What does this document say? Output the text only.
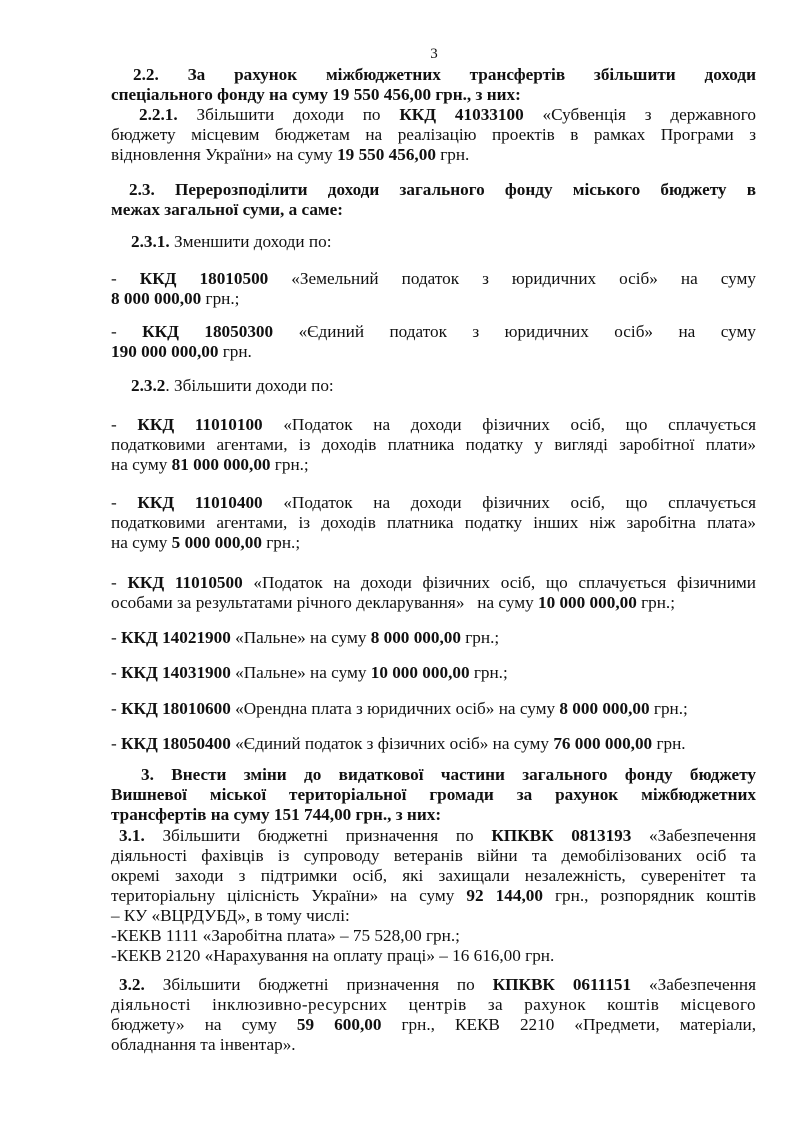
3
2.2. За рахунок міжбюджетних трансфертів збільшити доходи
спеціального фонду на суму 19 550 456,00 грн., з них:
2.2.1. Збільшити доходи по ККД 41033100 «Субвенція з державного
бюджету місцевим бюджетам на реалізацію проектів в рамках Програми з
відновлення України» на суму 19 550 456,00 грн.
2.3. Перерозподілити доходи загального фонду міського бюджету в
межах загальної суми, а саме:
2.3.1. Зменшити доходи по:
- ККД 18010500 «Земельний податок з юридичних осіб» на суму
8 000 000,00 грн.;
- ККД 18050300 «Єдиний податок з юридичних осіб» на суму
190 000 000,00 грн.
2.3.2. Збільшити доходи по:
- ККД 11010100 «Податок на доходи фізичних осіб, що сплачується
податковими агентами, із доходів платника податку у вигляді заробітної плати»
на суму 81 000 000,00 грн.;
- ККД 11010400 «Податок на доходи фізичних осіб, що сплачується
податковими агентами, із доходів платника податку інших ніж заробітна плата»
на суму 5 000 000,00 грн.;
- ККД 11010500 «Податок на доходи фізичних осіб, що сплачується фізичними
особами за результатами річного декларування»   на суму 10 000 000,00 грн.;
- ККД 14021900 «Пальне» на суму 8 000 000,00 грн.;
- ККД 14031900 «Пальне» на суму 10 000 000,00 грн.;
- ККД 18010600 «Орендна плата з юридичних осіб» на суму 8 000 000,00 грн.;
- ККД 18050400 «Єдиний податок з фізичних осіб» на суму 76 000 000,00 грн.
3. Внести зміни до видаткової частини загального фонду бюджету
Вишневої міської територіальної громади за рахунок міжбюджетних
трансфертів на суму 151 744,00 грн., з них:
3.1. Збільшити бюджетні призначення по КПКВК 0813193 «Забезпечення
діяльності фахівців із супроводу ветеранів війни та демобілізованих осіб та
окремі заходи з підтримки осіб, які захищали незалежність, суверенітет та
територіальну цілісність України» на суму 92 144,00 грн., розпорядник коштів
– КУ «ВЦРДУБД», в тому числі:
-КЕКВ 1111 «Заробітна плата» – 75 528,00 грн.;
-КЕКВ 2120 «Нарахування на оплату праці» – 16 616,00 грн.
3.2. Збільшити бюджетні призначення по КПКВК 0611151 «Забезпечення
діяльності інклюзивно-ресурсних центрів за рахунок коштів місцевого
бюджету» на суму 59 600,00 грн., КЕКВ 2210 «Предмети, матеріали,
обладнання та інвентар».
